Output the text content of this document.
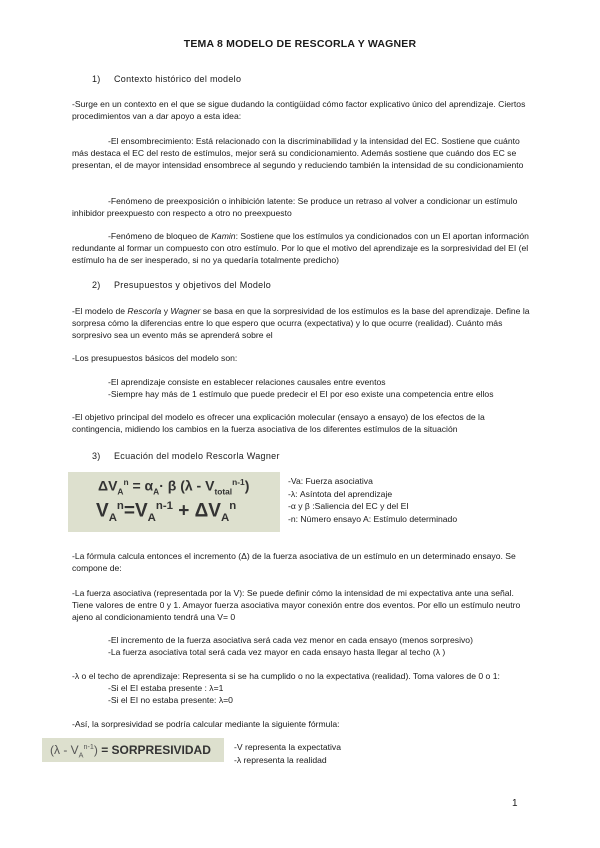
TEMA 8 MODELO DE RESCORLA Y WAGNER
1) Contexto histórico del modelo
-Surge en un contexto en el que se sigue dudando la contigüidad cómo factor explicativo único del aprendizaje. Ciertos procedimientos van a dar apoyo a esta idea:
-El ensombrecimiento: Está relacionado con la discriminabilidad y la intensidad del EC. Sostiene que cuánto más destaca el EC del resto de estímulos, mejor será su condicionamiento. Además sostiene que cuándo dos EC se presentan, el de mayor intensidad ensombrece al segundo y reduciendo también la intensidad de su condicionamiento
-Fenómeno de preexposición o inhibición latente: Se produce un retraso al volver a condicionar un estímulo inhibidor preexpuesto con respecto a otro no preexpuesto
-Fenómeno de bloqueo de Kamin: Sostiene que los estímulos ya condicionados con un EI aportan información redundante al formar un compuesto con otro estímulo. Por lo que el motivo del aprendizaje es la sorpresividad del EI (el estímulo ha de ser inesperado, si no ya quedaría totalmente predicho)
2) Presupuestos y objetivos del Modelo
-El modelo de Rescorla y Wagner se basa en que la sorpresividad de los estímulos es la base del aprendizaje. Define la sorpresa cómo la diferencias entre lo que espero que ocurra (expectativa) y lo que ocurre (realidad). Cuánto más sorpresivo sea un evento más se aprenderá sobre el
-Los presupuestos básicos del modelo son:
-El aprendizaje consiste en establecer relaciones causales entre eventos
-Siempre hay más de 1 estímulo que puede predecir el EI por eso existe una competencia entre ellos
-El objetivo principal del modelo es ofrecer una explicación molecular (ensayo a ensayo) de los efectos de la contingencia, midiendo los cambios en la fuerza asociativa de los diferentes estímulos de la situación
3) Ecuación del modelo Rescorla Wagner
$\Delta V_A^n = \alpha_A\cdot \beta$ $(\lambda - V_{total}^{n-1})$
$V_A^n=V_A^{n-1} + \Delta V_A^n$
-Va: Fuerza asociativa
-λ: Asíntota del aprendizaje
-α y β :Saliencia del EC y del EI
-n: Número ensayo A: Estímulo determinado
-La fórmula calcula entonces el incremento (Δ) de la fuerza asociativa de un estímulo en un determinado ensayo. Se compone de:
-La fuerza asociativa (representada por la V): Se puede definir cómo la intensidad de mi expectativa ante una señal. Tiene valores de entre 0 y 1. Amayor fuerza asociativa mayor conexión entre dos eventos. Por ello un estímulo neutro ajeno al condicionamiento tendrá una V= 0
-El incremento de la fuerza asociativa será cada vez menor en cada ensayo (menos sorpresivo)
-La fuerza asociativa total será cada vez mayor en cada ensayo hasta llegar al techo (λ )
-λ o el techo de aprendizaje: Representa si se ha cumplido o no la expectativa (realidad). Toma valores de 0 o 1:
-Si el EI estaba presente : λ=1
-Si el EI no estaba presente: λ=0
-Así, la sorpresividad se podría calcular mediante la siguiente fórmula:
$(\lambda - V_A^{n-1})$ = SORPRESIVIDAD	-V representa la expectativa
-λ representa la realidad
1
